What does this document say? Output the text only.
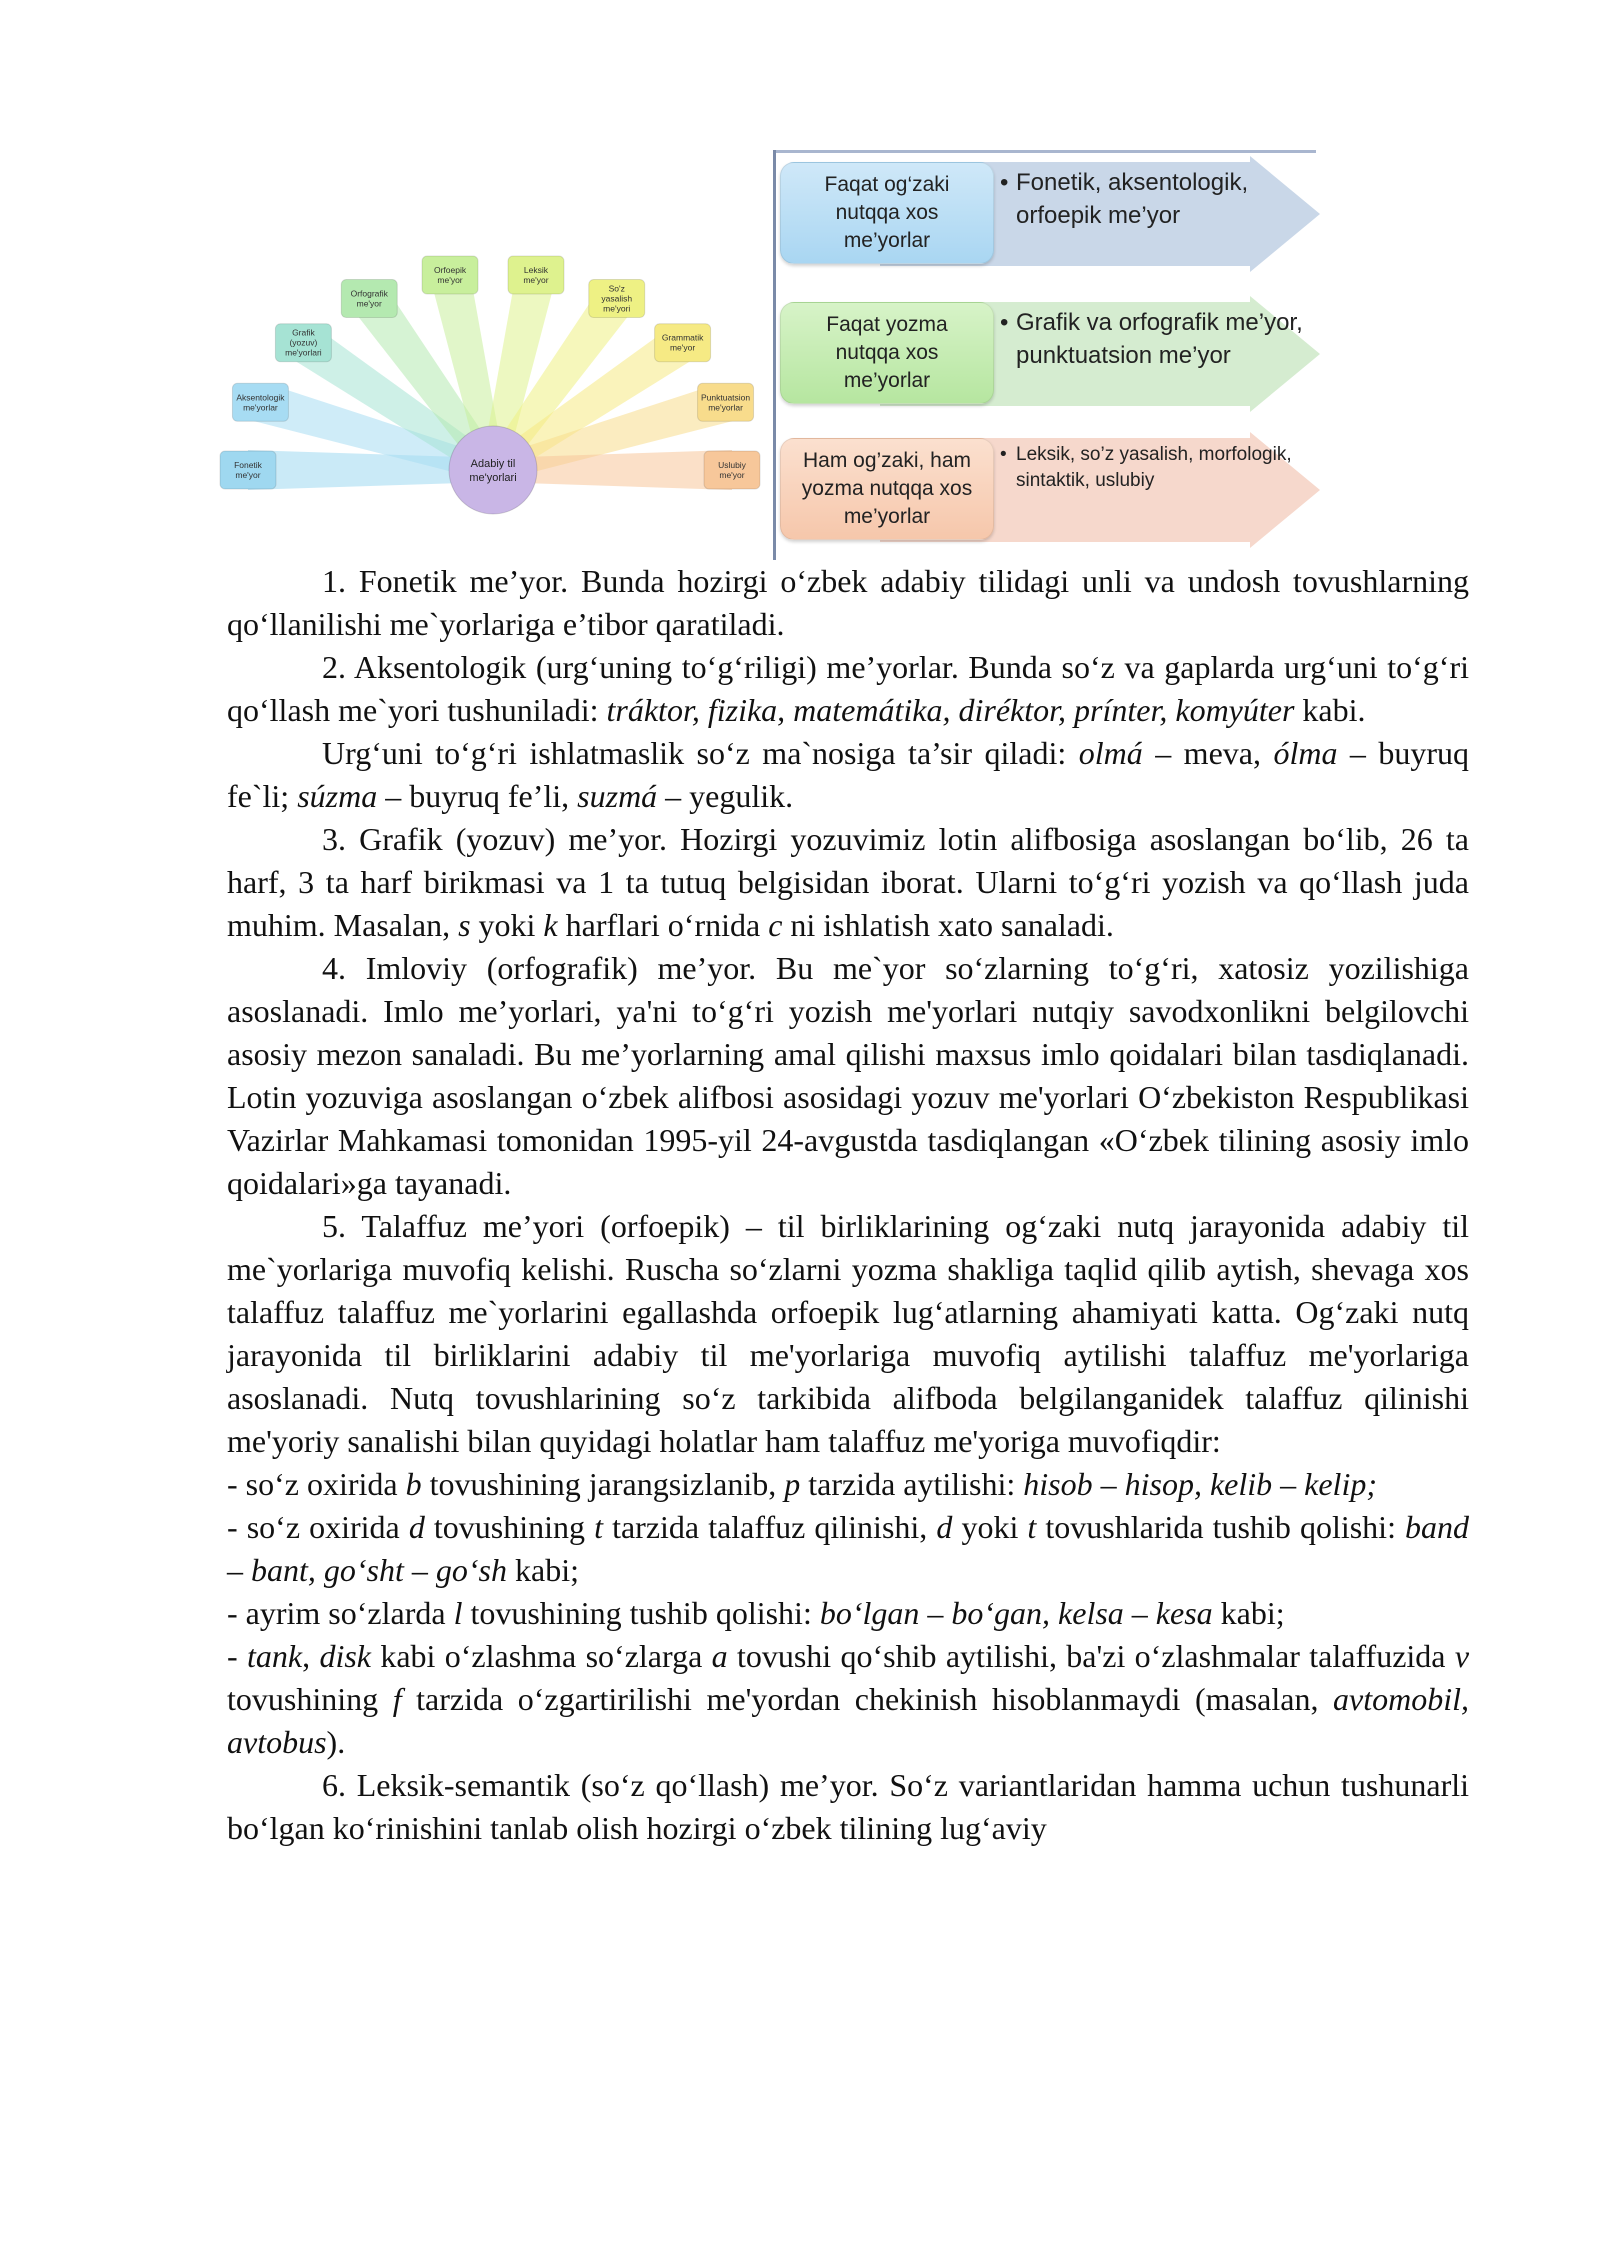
Fonetik me'yor
Aksentologik me'yorlar
Grafik (yozuv) me'yorlari
Orfografik me'yor
Orfoepik me'yor
Leksik me'yor
So'z yasalish me'yori
Grammatik me'yor
Punktuatsion me'yorlar
Uslubiy me'yor
Adabiy til me'yorlari
Faqat og‘zaki nutqqa xos me’yorlar
• Fonetik, aksentologik, orfoepik me’yor
Faqat yozma nutqqa xos me’yorlar
• Grafik va orfografik me’yor, punktuatsion me’yor
Ham og’zaki, ham yozma nutqqa xos me’yorlar
• Leksik, so’z yasalish, morfologik, sintaktik, uslubiy

1. Fonetik me’yor. Bunda hozirgi o‘zbek adabiy tilidagi unli va undosh tovushlarning qo‘llanilishi me`yorlariga e’tibor qaratiladi.

2. Aksentologik (urg‘uning to‘g‘riligi) me’yorlar. Bunda so‘z va gaplarda urg‘uni to‘g‘ri qo‘llash me`yori tushuniladi: tráktor, fizika, matemátika, diréktor, prínter, komyúter kabi.

Urg‘uni to‘g‘ri ishlatmaslik so‘z ma`nosiga ta’sir qiladi: olmá – meva, ólma – buyruq fe`li; súzma – buyruq fe’li, suzmá – yegulik.

3. Grafik (yozuv) me’yor. Hozirgi yozuvimiz lotin alifbosiga asoslangan bo‘lib, 26 ta harf, 3 ta harf birikmasi va 1 ta tutuq belgisidan iborat. Ularni to‘g‘ri yozish va qo‘llash juda muhim. Masalan, s yoki k harflari o‘rnida c ni ishlatish xato sanaladi.

4. Imloviy (orfografik) me’yor. Bu me`yor so‘zlarning to‘g‘ri, xatosiz yozilishiga asoslanadi. Imlo me’yorlari, ya'ni to‘g‘ri yozish me'yorlari nutqiy savodxonlikni belgilovchi asosiy mezon sanaladi. Bu me’yorlarning amal qilishi maxsus imlo qoidalari bilan tasdiqlanadi. Lotin yozuviga asoslangan o‘zbek alifbosi asosidagi yozuv me'yorlari O‘zbekiston Respublikasi Vazirlar Mahkamasi tomonidan 1995-yil 24-avgustda tasdiqlangan «O‘zbek tilining asosiy imlo qoidalari»ga tayanadi.

5. Talaffuz me’yori (orfoepik) – til birliklarining og‘zaki nutq jarayonida adabiy til me`yorlariga muvofiq kelishi. Ruscha so‘zlarni yozma shakliga taqlid qilib aytish, shevaga xos talaffuz talaffuz me`yorlarini egallashda orfoepik lug‘atlarning ahamiyati katta. Og‘zaki nutq jarayonida til birliklarini adabiy til me'yorlariga muvofiq aytilishi talaffuz me'yorlariga asoslanadi. Nutq tovushlarining so‘z tarkibida alifboda belgilanganidek talaffuz qilinishi me'yoriy sanalishi bilan quyidagi holatlar ham talaffuz me'yoriga muvofiqdir:

- so‘z oxirida b tovushining jarangsizlanib, p tarzida aytilishi: hisob – hisop, kelib – kelip;

- so‘z oxirida d tovushining t tarzida talaffuz qilinishi, d yoki t tovushlarida tushib qolishi: band – bant, go‘sht – go‘sh kabi;

- ayrim so‘zlarda l tovushining tushib qolishi: bo‘lgan – bo‘gan, kelsa – kesa kabi;

- tank, disk kabi o‘zlashma so‘zlarga a tovushi qo‘shib aytilishi, ba'zi o‘zlashmalar talaffuzida v tovushining f tarzida o‘zgartirilishi me'yordan chekinish hisoblanmaydi (masalan, avtomobil, avtobus).

6. Leksik-semantik (so‘z qo‘llash) me’yor. So‘z variantlaridan hamma uchun tushunarli bo‘lgan ko‘rinishini tanlab olish hozirgi o‘zbek tilining lug‘aviy
